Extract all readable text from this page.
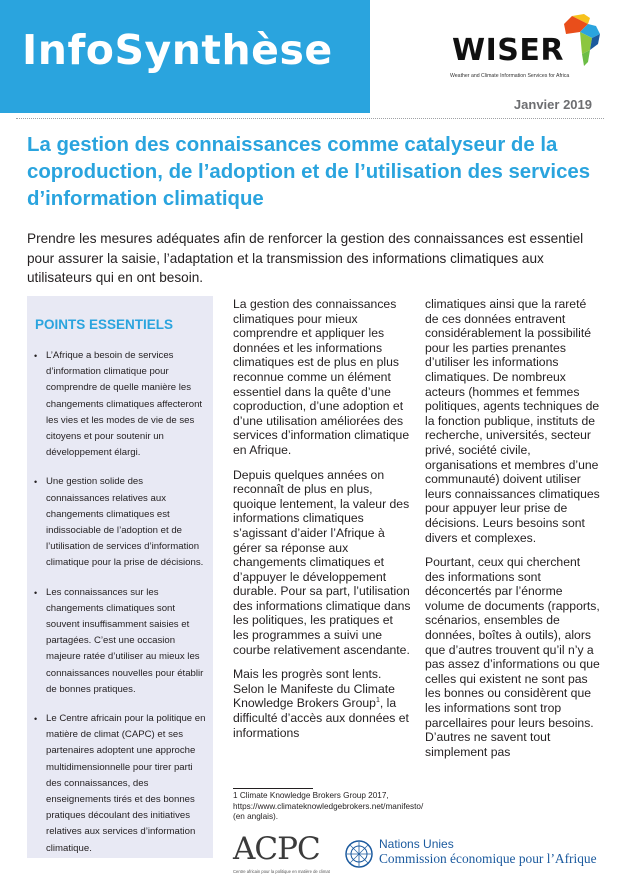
InfoSynthèse	WISER
Weather and Climate Information Services for Africa
Janvier 2019
La gestion des connaissances comme catalyseur de la coproduction, de l’adoption et de l’utilisation des services d’information climatique
Prendre les mesures adéquates afin de renforcer la gestion des connaissances est essentiel pour assurer la saisie, l’adaptation et la transmission des informations climatiques aux utilisateurs qui en ont besoin.
POINTS ESSENTIELS
• L’Afrique a besoin de services d’information climatique pour comprendre de quelle manière les changements climatiques affecteront les vies et les modes de vie de ses citoyens et pour soutenir un développement élargi.
• Une gestion solide des connaissances relatives aux changements climatiques est indissociable de l’adoption et de l’utilisation de services d’information climatique pour la prise de décisions.
• Les connaissances sur les changements climatiques sont souvent insuffisamment saisies et partagées. C’est une occasion majeure ratée d’utiliser au mieux les connaissances nouvelles pour établir de bonnes pratiques.
• Le Centre africain pour la politique en matière de climat (CAPC) et ses partenaires adoptent une approche multidimensionnelle pour tirer parti des connaissances, des enseignements tirés et des bonnes pratiques découlant des initiatives relatives aux services d’information climatique.

La gestion des connaissances climatiques pour mieux comprendre et appliquer les données et les informations climatiques est de plus en plus reconnue comme un élément essentiel dans la quête d’une coproduction, d’une adoption et d’une utilisation améliorées des services d’information climatique en Afrique.

Depuis quelques années on reconnaît de plus en plus, quoique lentement, la valeur des informations climatiques s’agissant d’aider l’Afrique à gérer sa réponse aux changements climatiques et d’appuyer le développement durable. Pour sa part, l’utilisation des informations climatique dans les politiques, les pratiques et les programmes a suivi une courbe relativement ascendante.

Mais les progrès sont lents. Selon le Manifeste du Climate Knowledge Brokers Group$^1$, la difficulté d’accès aux données et informations

climatiques ainsi que la rareté de ces données entravent considérablement la possibilité pour les parties prenantes d’utiliser les informations climatiques. De nombreux acteurs (hommes et femmes politiques, agents techniques de la fonction publique, instituts de recherche, universités, secteur privé, société civile, organisations et membres d’une communauté) doivent utiliser leurs connaissances climatiques pour appuyer leur prise de décisions. Leurs besoins sont divers et complexes.

Pourtant, ceux qui cherchent des informations sont déconcertés par l’énorme volume de documents (rapports, scénarios, ensembles de données, boîtes à outils), alors que d’autres trouvent qu’il n’y a pas assez d’informations ou que celles qui existent ne sont pas les bonnes ou considèrent que les informations sont trop parcellaires pour leurs besoins. D’autres ne savent tout simplement pas

1 Climate Knowledge Brokers Group 2017, https://www.climateknowledgebrokers.net/manifesto/ (en anglais).
ACPC
Centre africain pour la politique en matière de climat
Nations Unies
Commission économique pour l’Afrique
